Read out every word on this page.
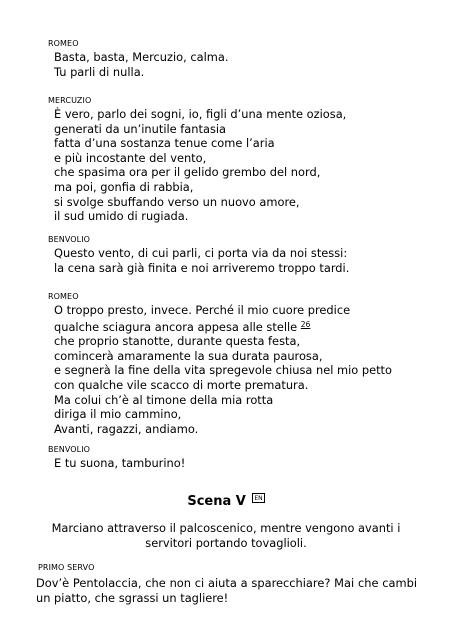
ROMEO
Basta, basta, Mercuzio, calma.
Tu parli di nulla.
MERCUZIO
È vero, parlo dei sogni, io, figli d’una mente oziosa,
generati da un’inutile fantasia
fatta d’una sostanza tenue come l’aria
e più incostante del vento,
che spasima ora per il gelido grembo del nord,
ma poi, gonfia di rabbia,
si svolge sbuffando verso un nuovo amore,
il sud umido di rugiada.
BENVOLIO
Questo vento, di cui parli, ci porta via da noi stessi:
la cena sarà già finita e noi arriveremo troppo tardi.
ROMEO
O troppo presto, invece. Perché il mio cuore predice
qualche sciagura ancora appesa alle stelle $^{26}$
che proprio stanotte, durante questa festa,
comincerà amaramente la sua durata paurosa,
e segnerà la fine della vita spregevole chiusa nel mio petto
con qualche vile scacco di morte prematura.
Ma colui ch’è al timone della mia rotta
diriga il mio cammino,
Avanti, ragazzi, andiamo.
BENVOLIO
E tu suona, tamburino!
Scena V EN
Marciano attraverso il palcoscenico, mentre vengono avanti i servitori portando tovaglioli.
PRIMO SERVO
Dov’è Pentolaccia, che non ci aiuta a sparecchiare? Mai che cambi un piatto, che sgrassi un tagliere!
